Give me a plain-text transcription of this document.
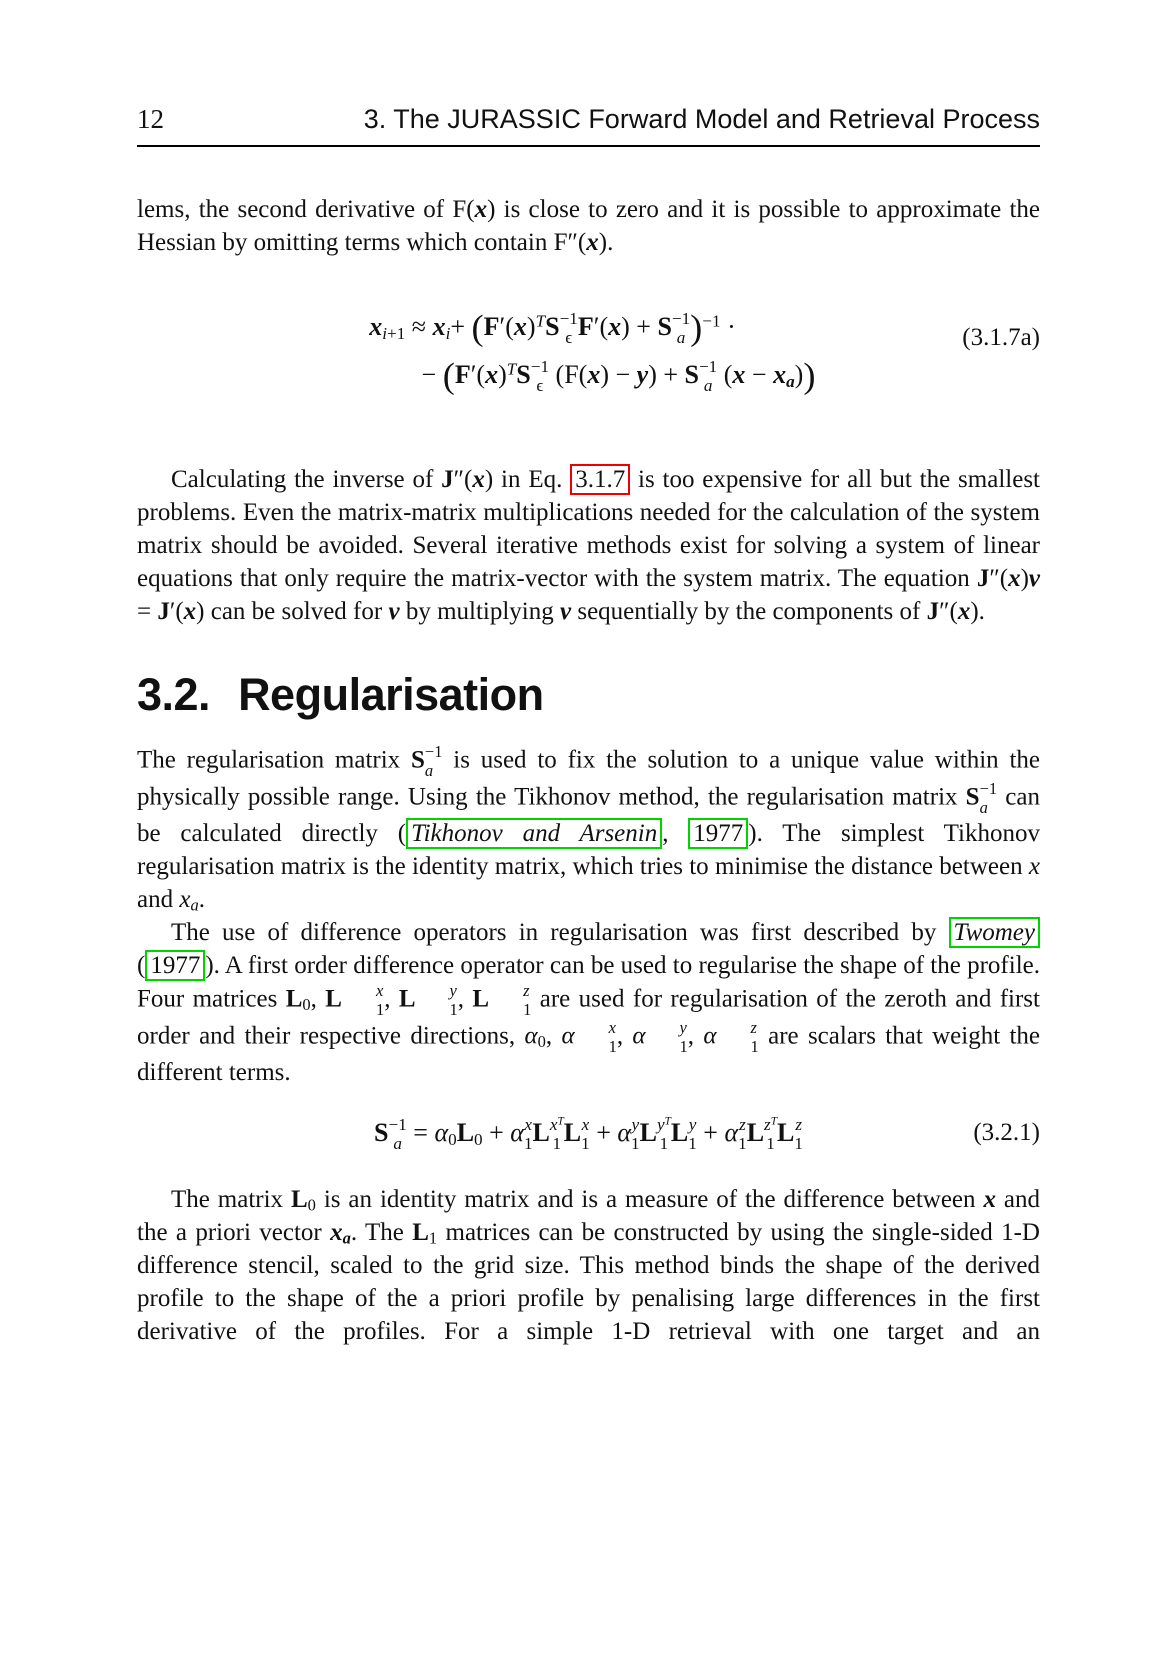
12	3. The JURASSIC Forward Model and Retrieval Process

lems, the second derivative of F(x) is close to zero and it is possible to approximate the Hessian by omitting terms which contain F″(x).

$x_{i+1} \approx x_i+ (F'(x)^TS -1$
ϵ F′(x) + S −1
a )$^{-1}$ ·
− ($F'(x)^TS -1$
ϵ (F(x) − y) + S −1
a $(x - x_a)$)
(3.1.7a)

Calculating the inverse of J″(x) in Eq. 3.1.7 is too expensive for all but the smallest problems. Even the matrix-matrix multiplications needed for the calculation of the system matrix should be avoided. Several iterative methods exist for solving a system of linear equations that only require the matrix-vector with the system matrix. The equation J″(x)v = J′(x) can be solved for v by multiplying v sequentially by the components of J″(x).

3.2. Regularisation

The regularisation matrix S −1
a is used to fix the solution to a unique value within the physically possible range. Using the Tikhonov method, the regularisation matrix S −1
a can be calculated directly ( Tikhonov and Arsenin , 1977 ). The simplest Tikhonov regularisation matrix is the identity matrix, which tries to minimise the distance between x and $x_a$.

The use of difference operators in regularisation was first described by Twomey ( 1977 ). A first order difference operator can be used to regularise the shape of the profile. Four matrices $L_0$, L	x
1 , L	y
1 , L	z
1 are used for regularisation of the zeroth and first order and their respective directions, $\alpha_0$, α	x
1 , α	y
1 , α	z
1 are scalars that weight the different terms.

S −1
$a = \alpha_0L_0 + \alpha$ x
1 L $x^T$
1 L x
1 + α y
1 L $y^T$
1 L y
1 + α z
1 L $z^T$
1 L z
1	(3.2.1)

The matrix $L_0$ is an identity matrix and is a measure of the difference between x and the a priori vector $x_a$. The $L_1$ matrices can be constructed by using the single-sided 1-D difference stencil, scaled to the grid size. This method binds the shape of the derived profile to the shape of the a priori profile by penalising large differences in the first derivative of the profiles. For a simple 1-D retrieval with one target and an
